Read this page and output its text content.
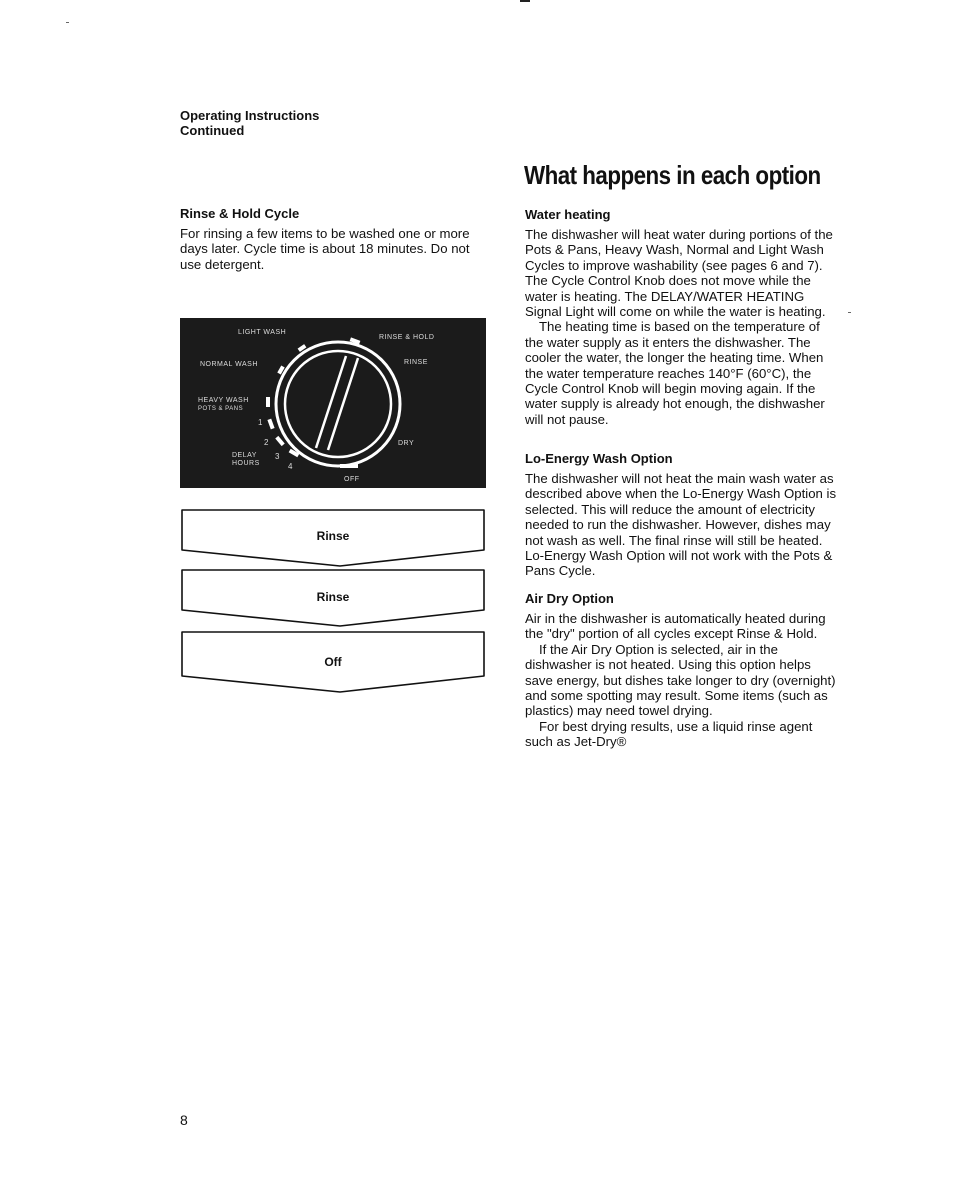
Operating Instructions
Continued
What happens in each option
Rinse & Hold Cycle

For rinsing a few items to be washed one or more days later. Cycle time is about 18 minutes. Do not use detergent.

LIGHT WASH
RINSE & HOLD
NORMAL WASH	RINSE
HEAVY WASH
POTS & PANS
1
2
3
4
DELAY
HOURS
DRY
OFF
Rinse
Rinse
Off
Water heating

The dishwasher will heat water during portions of the Pots & Pans, Heavy Wash, Normal and Light Wash Cycles to improve washability (see pages 6 and 7). The Cycle Control Knob does not move while the water is heating. The DELAY/WATER HEATING Signal Light will come on while the water is heating.

The heating time is based on the temperature of the water supply as it enters the dishwasher. The cooler the water, the longer the heating time. When the water temperature reaches 140°F (60°C), the Cycle Control Knob will begin moving again. If the water supply is already hot enough, the dishwasher will not pause.

Lo-Energy Wash Option

The dishwasher will not heat the main wash water as described above when the Lo-Energy Wash Option is selected. This will reduce the amount of electricity needed to run the dishwasher. However, dishes may not wash as well. The final rinse will still be heated. Lo-Energy Wash Option will not work with the Pots & Pans Cycle.

Air Dry Option

Air in the dishwasher is automatically heated during the "dry" portion of all cycles except Rinse & Hold.

If the Air Dry Option is selected, air in the dishwasher is not heated. Using this option helps save energy, but dishes take longer to dry (overnight) and some spotting may result. Some items (such as plastics) may need towel drying.

For best drying results, use a liquid rinse agent such as Jet-Dry®

8
